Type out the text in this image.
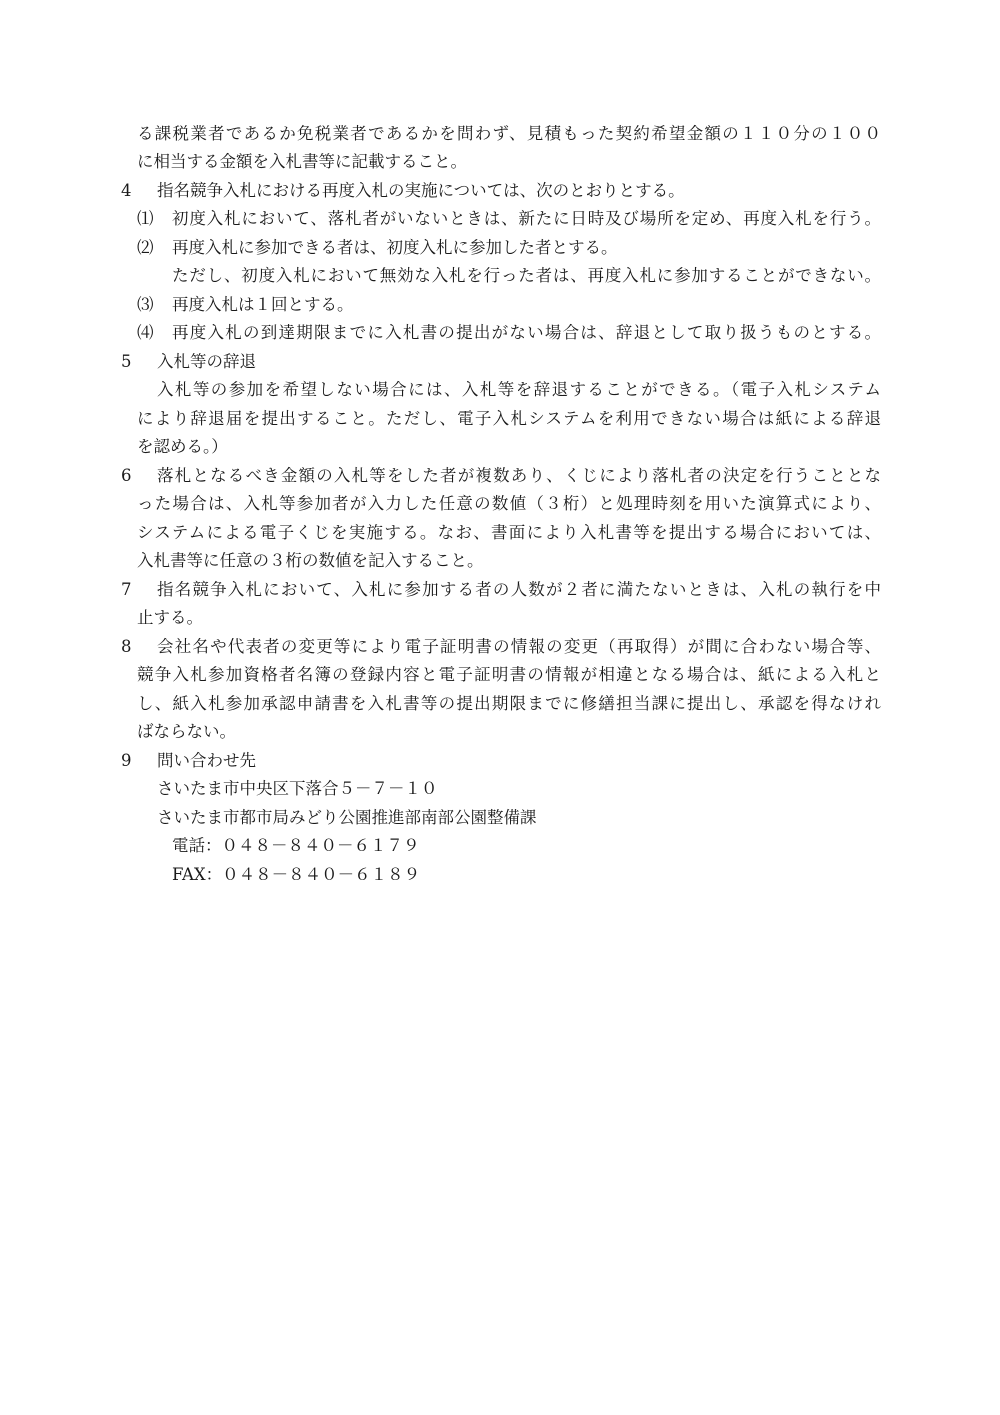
る課税業者であるか免税業者であるかを問わず、見積もった契約希望金額の１１０分の１００
に相当する金額を入札書等に記載すること。
4 指名競争入札における再度入札の実施については、次のとおりとする。
⑴ 初度入札において、落札者がいないときは、新たに日時及び場所を定め、再度入札を行う。
⑵ 再度入札に参加できる者は、初度入札に参加した者とする。
ただし、初度入札において無効な入札を行った者は、再度入札に参加することができない。
⑶ 再度入札は１回とする。
⑷ 再度入札の到達期限までに入札書の提出がない場合は、辞退として取り扱うものとする。
5 入札等の辞退
入札等の参加を希望しない場合には、入札等を辞退することができる。（電子入札システム
により辞退届を提出すること。ただし、電子入札システムを利用できない場合は紙による辞退
を認める。）
6 落札となるべき金額の入札等をした者が複数あり、くじにより落札者の決定を行うこととな
った場合は、入札等参加者が入力した任意の数値（３桁）と処理時刻を用いた演算式により、
システムによる電子くじを実施する。なお、書面により入札書等を提出する場合においては、
入札書等に任意の３桁の数値を記入すること。
7 指名競争入札において、入札に参加する者の人数が２者に満たないときは、入札の執行を中
止する。
8 会社名や代表者の変更等により電子証明書の情報の変更（再取得）が間に合わない場合等、
競争入札参加資格者名簿の登録内容と電子証明書の情報が相違となる場合は、紙による入札と
し、紙入札参加承認申請書を入札書等の提出期限までに修繕担当課に提出し、承認を得なけれ
ばならない。
9 問い合わせ先
さいたま市中央区下落合５－７－１０
さいたま市都市局みどり公園推進部南部公園整備課
電話：０４８－８４０－６１７９
FAX：０４８－８４０－６１８９
